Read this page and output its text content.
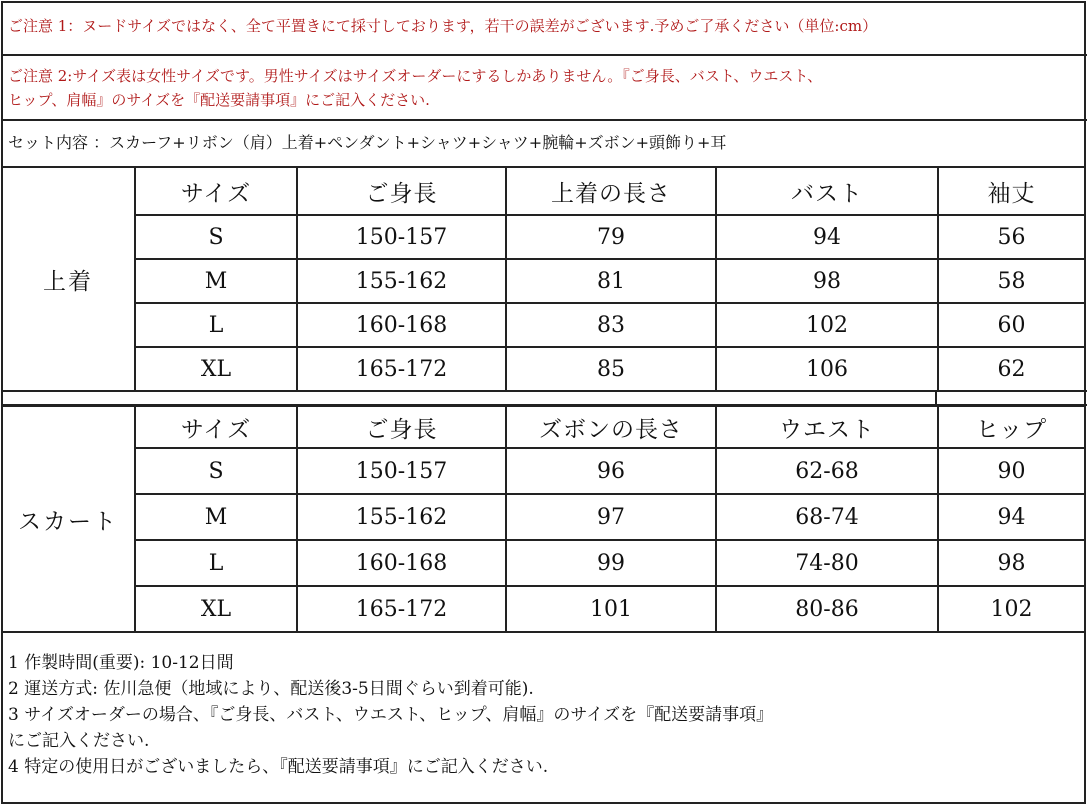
ご注意 1：ヌードサイズではなく、全て平置きにて採寸しております，若干の誤差がございます.予めご了承ください（単位:cm）
ご注意 2:サイズ表は女性サイズです。男性サイズはサイズオーダーにするしかありません。『ご身長、バスト、ウエスト、
ヒップ、肩幅』のサイズを『配送要請事項』にご記入ください.
セット内容 ：スカーフ+リボン（肩）上着+ペンダント+シャツ+シャツ+腕輪+ズボン+頭飾り+耳
上着	サイズ	ご身長	上着の長さ	バスト	袖丈
	S	150-157	79	94	56
	M	155-162	81	98	58
	L	160-168	83	102	60
	XL	165-172	85	106	62
スカート	サイズ	ご身長	ズボンの長さ	ウエスト	ヒップ
	S	150-157	96	62-68	90
	M	155-162	97	68-74	94
	L	160-168	99	74-80	98
	XL	165-172	101	80-86	102
1 作製時間(重要): 10-12日間
2 運送方式: 佐川急便（地域により、配送後3-5日間ぐらい到着可能).
3 サイズオーダーの場合、『ご身長、バスト、ウエスト、ヒップ、肩幅』のサイズを『配送要請事項』
にご記入ください.
4 特定の使用日がございましたら、『配送要請事項』にご記入ください.
